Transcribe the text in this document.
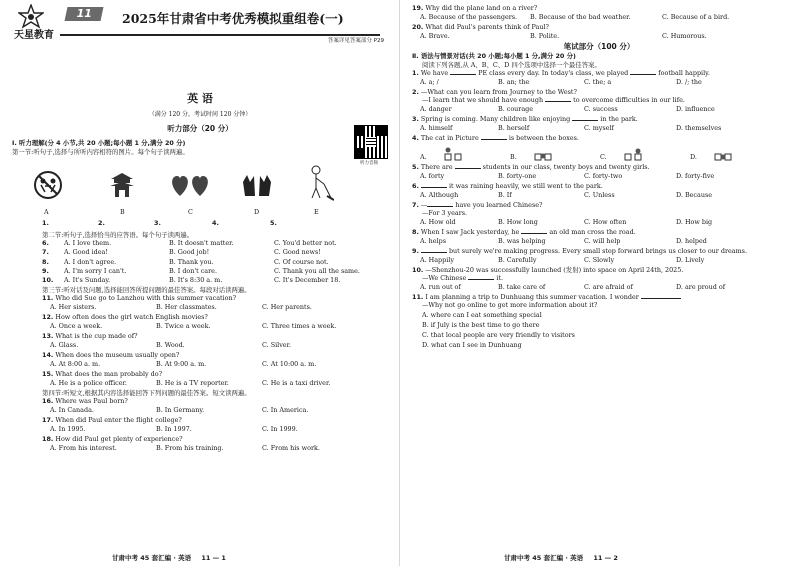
11
天星教育
2025年甘肃省中考优秀模拟重组卷(一)
答案详见答案部分 P29
英 语
（满分 120 分，考试时间 120 分钟）
听力部分（20 分）
听力音频
Ⅰ. 听力理解(分 4 小节,共 20 小题;每小题 1 分,满分 20 分)
第一节:听句子,选择与所听内容相符的图片。每个句子读两遍。
A	B	C	D	E
1.	2.	3.	4.	5.
第二节:听句子,选择恰当的应答语。每个句子读两遍。
6. A. I love them.	B. It doesn't matter.	C. You'd better not.
7. A. Good idea!	B. Good job!	C. Good news!
8. A. I don't agree.	B. Thank you.	C. Of course not.
9. A. I'm sorry I can't.	B. I don't care.	C. Thank you all the same.
10. A. It's Sunday.	B. It's 8:30 a. m.	C. It's December 18.
第三节:听对话及问题,选择能回答所提问题的最佳答案。每段对话读两遍。
11. Who did Sue go to Lanzhou with this summer vacation?
A. Her sisters.	B. Her classmates.	C. Her parents.
12. How often does the girl watch English movies?
A. Once a week.	B. Twice a week.	C. Three times a week.
13. What is the cup made of?
A. Glass.	B. Wood.	C. Silver.
14. When does the museum usually open?
A. At 8:00 a. m.	B. At 9:00 a. m.	C. At 10:00 a. m.
15. What does the man probably do?
A. He is a police officer.	B. He is a TV reporter.	C. He is a taxi driver.
第四节:听短文,根据其内容选择能回答下列问题的最佳答案。短文读两遍。
16. Where was Paul born?
A. In Canada.	B. In Germany.	C. In America.
17. When did Paul enter the flight college?
A. In 1995.	B. In 1997.	C. In 1999.
18. How did Paul get plenty of experience?
A. From his interest.	B. From his training.	C. From his work.
甘肃中考 45 套汇编 · 英语 11 — 1
19. Why did the plane land on a river?
A. Because of the passengers.	B. Because of the bad weather.	C. Because of a bird.
20. What did Paul's parents think of Paul?
A. Brave.	B. Polite.	C. Humorous.
笔试部分（100 分）
Ⅱ. 语法与情景对话(共 20 小题;每小题 1 分,满分 20 分)
阅读下列各题,从 A、B、C、D 四个选项中选择一个最佳答案。
1. We have	PE class every day. In today's class, we played	football happily.
A. a; /	B. an; the	C. the; a	D. /; the
2. —What can you learn from Journey to the West?
—I learn that we should have enough	to overcome difficulties in our life.
A. danger	B. courage	C. success	D. influence
3. Spring is coming. Many children like enjoying	in the park.
A. himself	B. herself	C. myself	D. themselves
4. The cat in Picture	is between the boxes.
A.	B.	C.	D.
5. There are	students in our class, twenty boys and twenty girls.
A. forty	B. forty-one	C. forty-two	D. forty-five
6.	it was raining heavily, we still went to the park.
A. Although	B. If	C. Unless	D. Because
7. —	have you learned Chinese?
—For 3 years.
A. How old	B. How long	C. How often	D. How big
8. When I saw Jack yesterday, he	an old man cross the road.
A. helps	B. was helping	C. will help	D. helped
9.	but surely we're making progress. Every small step forward brings us closer to our dreams.
A. Happily	B. Carefully	C. Slowly	D. Lively
10. —Shenzhou-20 was successfully launched (发射) into space on April 24th, 2025.
—We Chinese	it.
A. run out of	B. take care of	C. are afraid of	D. are proud of
11. I am planning a trip to Dunhuang this summer vacation. I wonder
—Why not go online to get more information about it?
A. where can I eat something special
B. if July is the best time to go there
C. that local people are very friendly to visitors
D. what can I see in Dunhuang
甘肃中考 45 套汇编 · 英语 11 — 2
